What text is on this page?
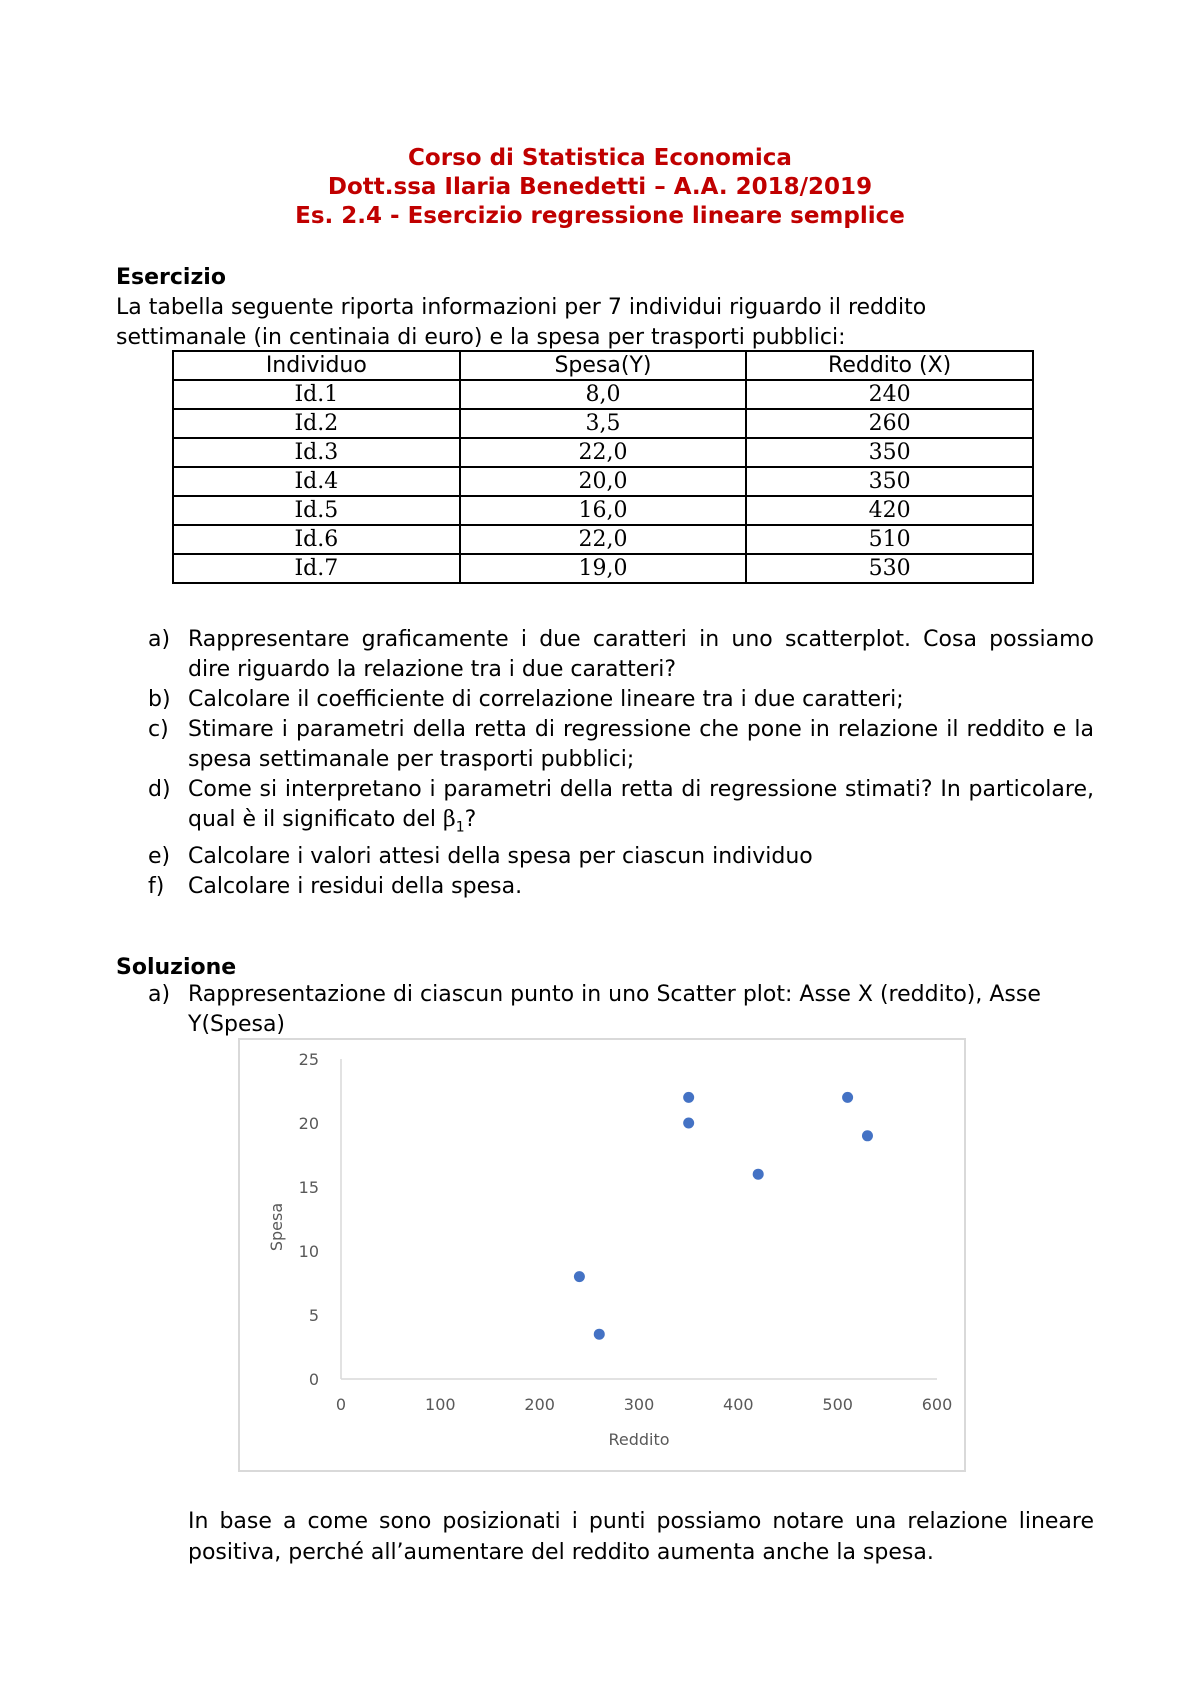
Corso di Statistica Economica
Dott.ssa Ilaria Benedetti – A.A. 2018/2019
Es. 2.4 - Esercizio regressione lineare semplice
Esercizio
La tabella seguente riporta informazioni per 7 individui riguardo il reddito
settimanale (in centinaia di euro) e la spesa per trasporti pubblici:
Individuo	Spesa(Y)	Reddito (X)
Id.1	8,0	240
Id.2	3,5	260
Id.3	22,0	350
Id.4	20,0	350
Id.5	16,0	420
Id.6	22,0	510
Id.7	19,0	530
a) Rappresentare graficamente i due caratteri in uno scatterplot. Cosa possiamo dire riguardo la relazione tra i due caratteri?
b) Calcolare il coefficiente di correlazione lineare tra i due caratteri;
c) Stimare i parametri della retta di regressione che pone in relazione il reddito e la spesa settimanale per trasporti pubblici;
d) Come si interpretano i parametri della retta di regressione stimati? In particolare, qual è il significato del $\beta_1$?
e) Calcolare i valori attesi della spesa per ciascun individuo
f) Calcolare i residui della spesa.
Soluzione
a) Rappresentazione di ciascun punto in uno Scatter plot: Asse X (reddito), Asse Y(Spesa)
0
5
10
15
20
25
0	100	200	300	400	500	600
Reddito
Spesa
In base a come sono posizionati i punti possiamo notare una relazione lineare positiva, perché all’aumentare del reddito aumenta anche la spesa.
